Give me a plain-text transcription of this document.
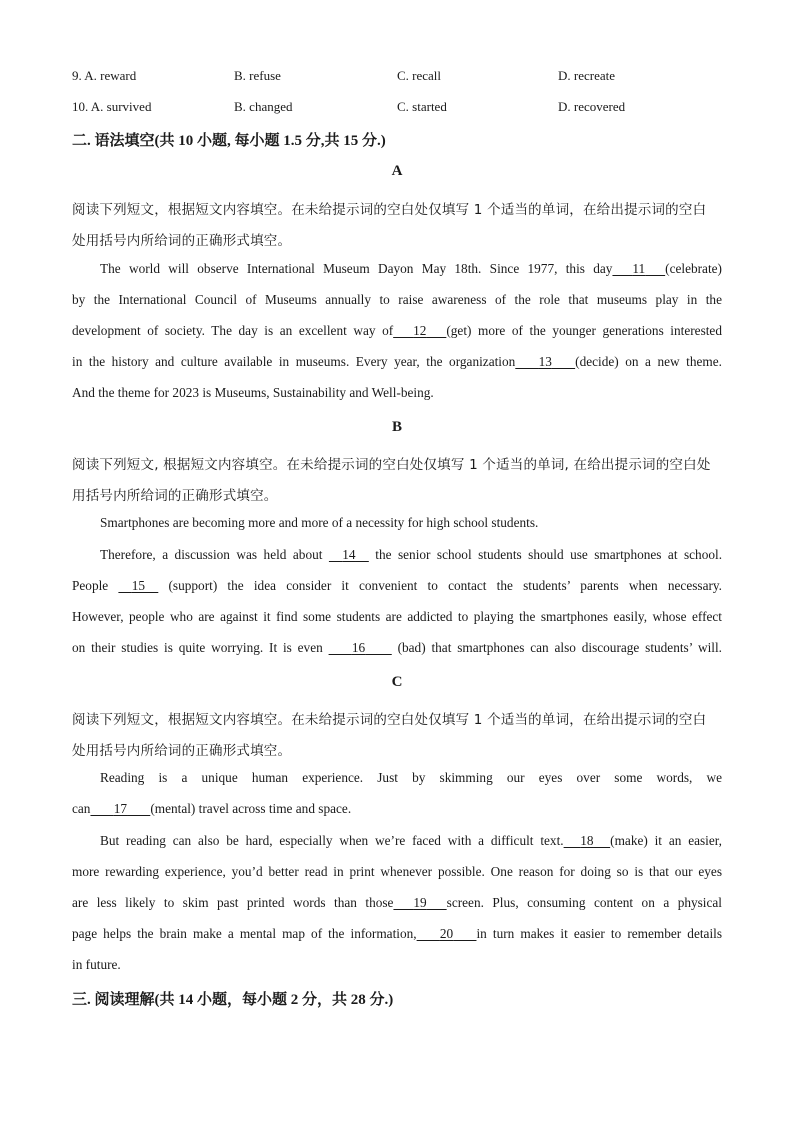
9. A. reward	B. refuse	C. recall	D. recreate
10. A. survived	B. changed	C. started	D. recovered
二. 语法填空(共 10 小题, 每小题 1.5 分,共 15 分.)
A
阅读下列短文，根据短文内容填空。在未给提示词的空白处仅填写 1 个适当的单词，在给出提示词的空白
处用括号内所给词的正确形式填空。
The world will observe International Museum Dayon May 18th. Since 1977, this day 11 (celebrate)
by the International Council of Museums annually to raise awareness of the role that museums play in the
development of society. The day is an excellent way of 12 (get) more of the younger generations interested
in the history and culture available in museums. Every year, the organization 13 (decide) on a new theme.
And the theme for 2023 is Museums, Sustainability and Well-being.
B
阅读下列短文, 根据短文内容填空。在未给提示词的空白处仅填写 1 个适当的单词, 在给出提示词的空白处
用括号内所给词的正确形式填空。
Smartphones are becoming more and more of a necessity for high school students.
Therefore, a discussion was held about 14 the senior school students should use smartphones at school.
People 15 (support) the idea consider it convenient to contact the students’ parents when necessary.
However, people who are against it find some students are addicted to playing the smartphones easily, whose effect
on their studies is quite worrying. It is even 16 (bad) that smartphones can also discourage students’ will.
C
阅读下列短文，根据短文内容填空。在未给提示词的空白处仅填写 1 个适当的单词，在给出提示词的空白
处用括号内所给词的正确形式填空。
Reading is a unique human experience. Just by skimming our eyes over some words, we
can 17 (mental) travel across time and space.
But reading can also be hard, especially when we’re faced with a difficult text. 18 (make) it an easier,
more rewarding experience, you’d better read in print whenever possible. One reason for doing so is that our eyes
are less likely to skim past printed words than those 19 screen. Plus, consuming content on a physical
page helps the brain make a mental map of the information, 20 in turn makes it easier to remember details
in future.
三. 阅读理解(共 14 小题，每小题 2 分，共 28 分.)
